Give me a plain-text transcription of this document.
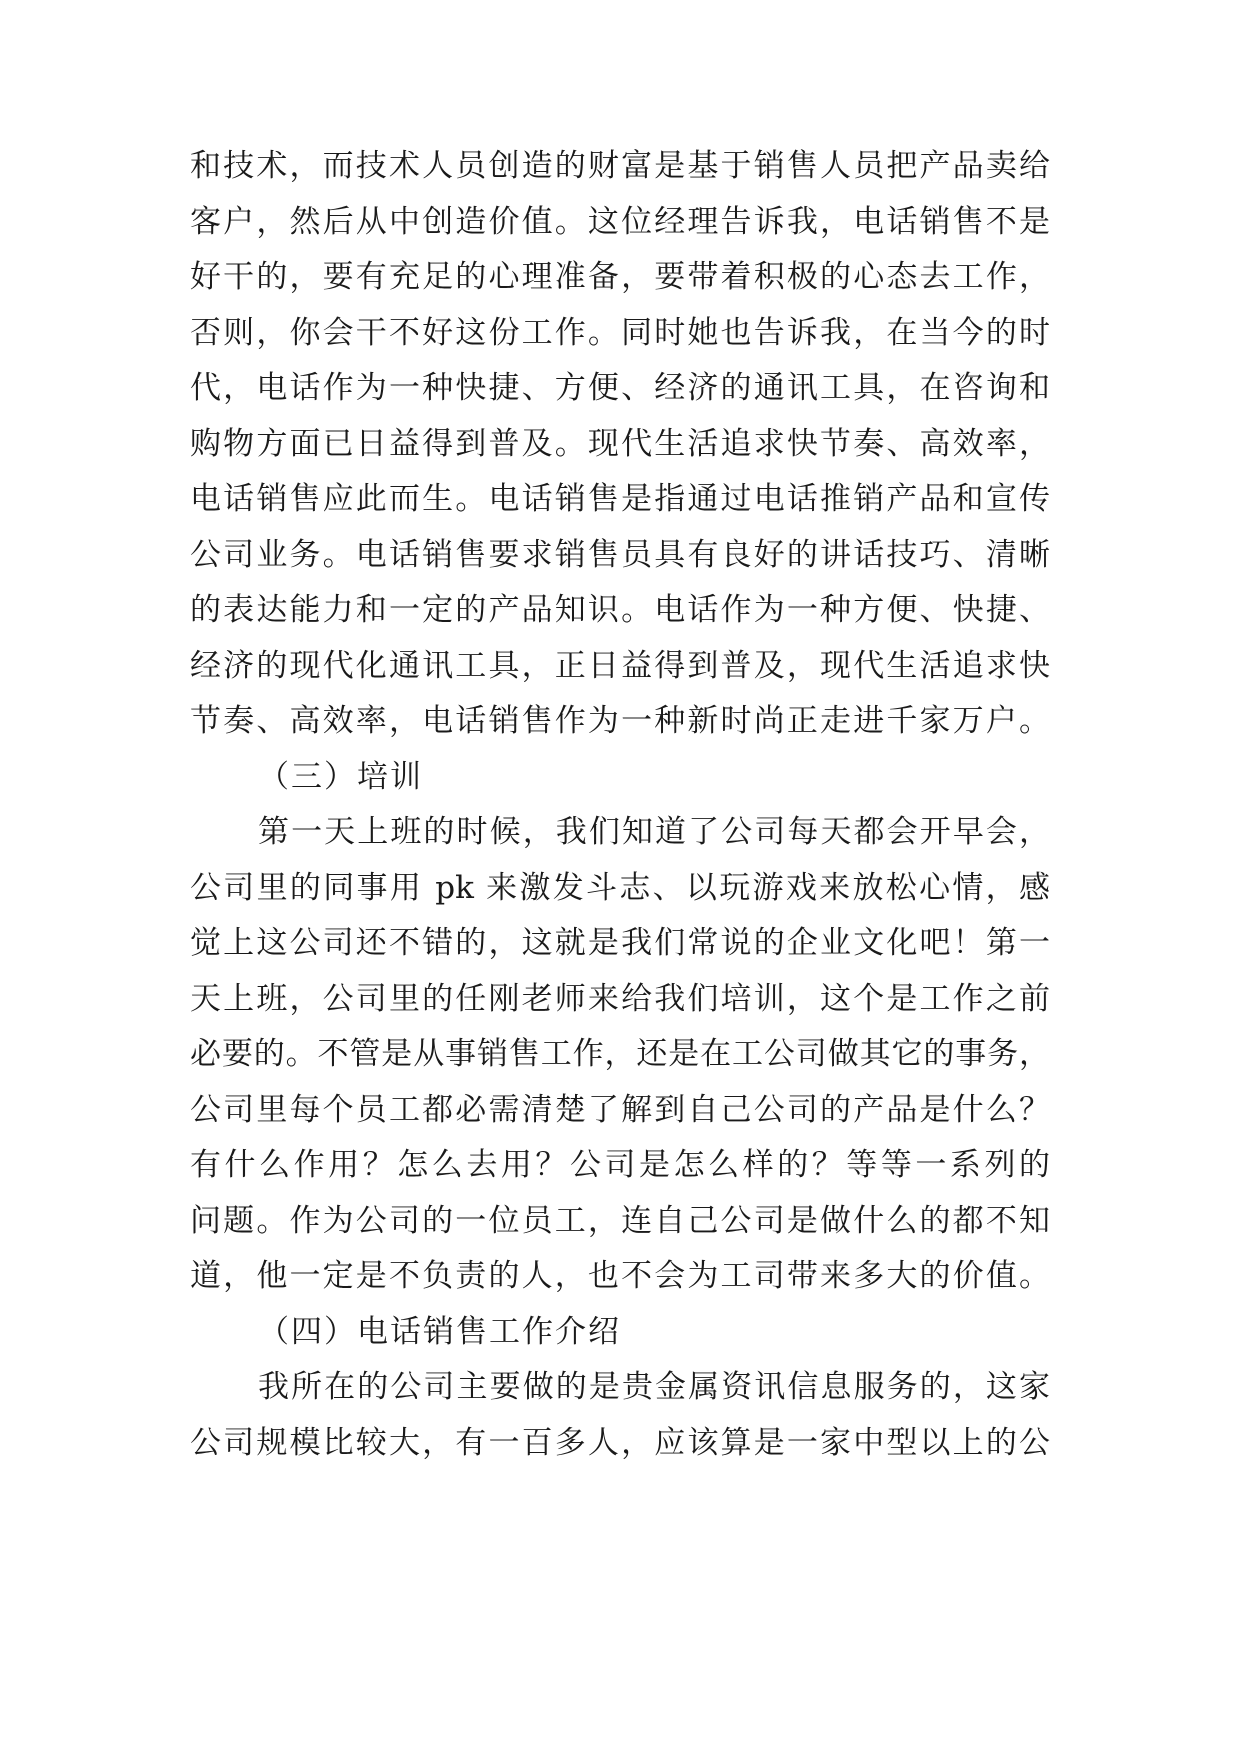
和技术，而技术人员创造的财富是基于销售人员把产品卖给
客户，然后从中创造价值。这位经理告诉我，电话销售不是
好干的，要有充足的心理准备，要带着积极的心态去工作，
否则，你会干不好这份工作。同时她也告诉我，在当今的时
代，电话作为一种快捷、方便、经济的通讯工具，在咨询和
购物方面已日益得到普及。现代生活追求快节奏、高效率，
电话销售应此而生。电话销售是指通过电话推销产品和宣传
公司业务。电话销售要求销售员具有良好的讲话技巧、清晰
的表达能力和一定的产品知识。电话作为一种方便、快捷、
经济的现代化通讯工具，正日益得到普及，现代生活追求快
节奏、高效率，电话销售作为一种新时尚正走进千家万户。
（三）培训
第一天上班的时候，我们知道了公司每天都会开早会，
公司里的同事用 pk 来激发斗志、以玩游戏来放松心情，感
觉上这公司还不错的，这就是我们常说的企业文化吧！第一
天上班，公司里的任刚老师来给我们培训，这个是工作之前
必要的。不管是从事销售工作，还是在工公司做其它的事务，
公司里每个员工都必需清楚了解到自己公司的产品是什么？
有什么作用？怎么去用？公司是怎么样的？等等一系列的
问题。作为公司的一位员工，连自己公司是做什么的都不知
道，他一定是不负责的人，也不会为工司带来多大的价值。
（四）电话销售工作介绍
我所在的公司主要做的是贵金属资讯信息服务的，这家
公司规模比较大，有一百多人，应该算是一家中型以上的公
